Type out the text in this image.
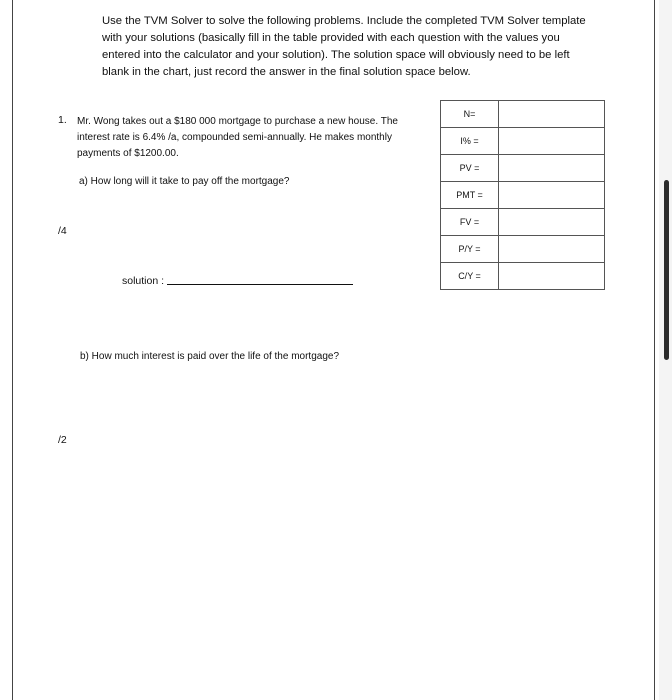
Use the TVM Solver to solve the following problems. Include the completed TVM Solver template with your solutions (basically fill in the table provided with each question with the values you entered into the calculator and your solution). The solution space will obviously need to be left blank in the chart, just record the answer in the final solution space below.

1. Mr. Wong takes out a $180 000 mortgage to purchase a new house. The interest rate is 6.4% /a, compounded semi-annually. He makes monthly payments of $1200.00.

a) How long will it take to pay off the mortgage?
/4
solution :
b) How much interest is paid over the life of the mortgage?
/2
N=	
I% =	
PV =	
PMT =	
FV =	
P/Y =	
C/Y =	
